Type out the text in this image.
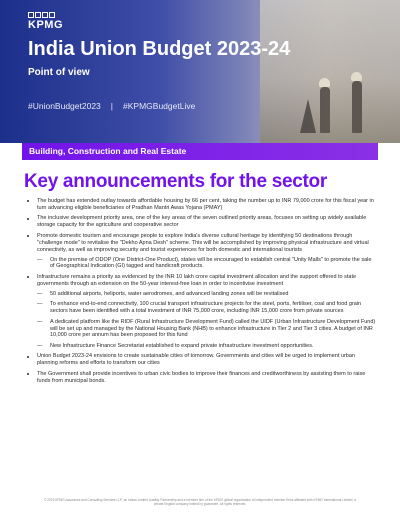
KPMG
India Union Budget 2023-24

Point of view

#UnionBudget2023 | #KPMGBudgetLive
Building, Construction and Real Estate
Key announcements for the sector
The budget has extended outlay towards affordable housing by 66 per cent, taking the number up to INR 79,000 crore for this fiscal year in turn advancing eligible beneficiaries of Pradhan Mantri Awas Yojana (PMAY)
The inclusive development priority area, one of the key areas of the seven outlined priority areas, focuses on setting up widely available storage capacity for the agriculture and cooperative sector
Promote domestic tourism and encourage people to explore India's diverse cultural heritage by identifying 50 destinations through "challenge mode" to revitalise the "Dekho Apna Desh" scheme. This will be accomplished by improving physical infrastructure and virtual connectivity, as well as improving security and tourist experiences for both domestic and international tourists
— On the premise of ODOP (One District-One Product), states will be encouraged to establish central "Unity Malls" to promote the sale of Geographical Indication (GI) tagged and handicraft products.
Infrastructure remains a priority as evidenced by the INR 10 lakh crore capital investment allocation and the support offered to state governments through an extension on the 50-year interest-free loan in order to incentivise investment
— 50 additional airports, heliports, water aerodromes, and advanced landing zones will be revitalised
— To enhance end-to-end connectivity, 100 crucial transport infrastructure projects for the steel, ports, fertiliser, coal and food grain sectors have been identified with a total investment of INR 75,000 crore, including INR 15,000 crore from private sources
— A dedicated platform like the RIDF (Rural Infrastructure Development Fund) called the UIDF (Urban Infrastructure Development Fund) will be set up and managed by the National Housing Bank (NHB) to enhance infrastructure in Tier 2 and Tier 3 cities. A budget of INR 10,000 crore per annum has been proposed for this fund
— New Infrastructure Finance Secretariat established to expand private infrastructure investment opportunities.
Union Budget 2023-24 envisions to create sustainable cities of tomorrow. Governments and cities will be urged to implement urban planning reforms and efforts to transform our cities
The Government shall provide incentives to urban civic bodies to improve their finances and creditworthiness by assisting them to raise funds from municipal bonds.
© 2023 KPMG Assurance and Consulting Services LLP, an Indian Limited Liability Partnership and a member firm of the KPMG global organization of independent member firms affiliated with KPMG International Limited, a private English company limited by guarantee. All rights reserved.
